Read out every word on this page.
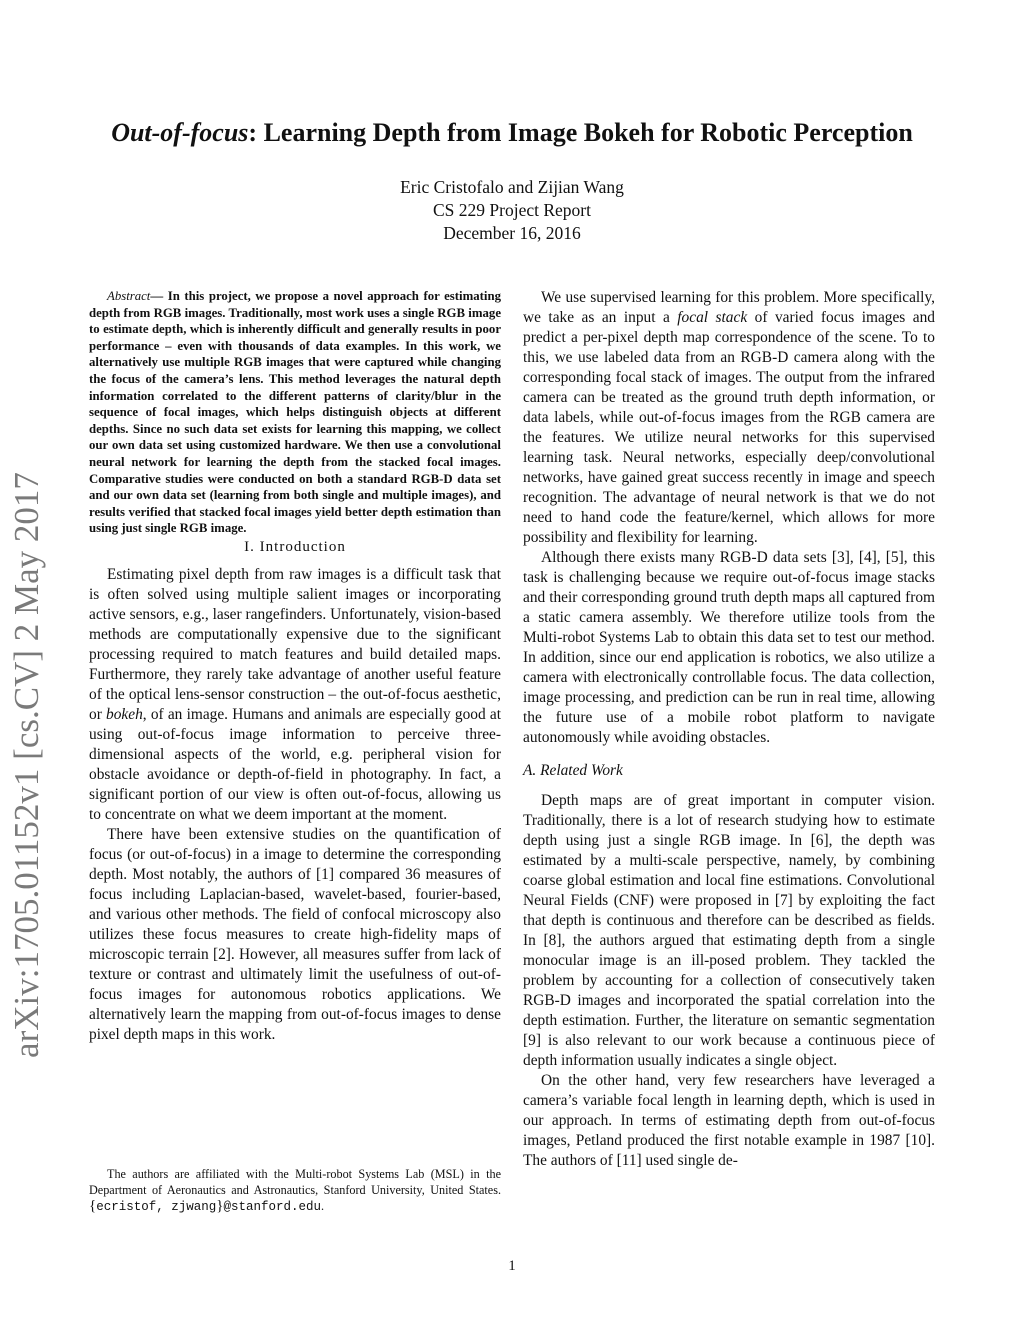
arXiv:1705.01152v1 [cs.CV] 2 May 2017
Out-of-focus: Learning Depth from Image Bokeh for Robotic Perception
Eric Cristofalo and Zijian Wang
CS 229 Project Report
December 16, 2016

Abstract— In this project, we propose a novel approach for estimating depth from RGB images. Traditionally, most work uses a single RGB image to estimate depth, which is inherently difficult and generally results in poor performance – even with thousands of data examples. In this work, we alternatively use multiple RGB images that were captured while changing the focus of the camera’s lens. This method leverages the natural depth information correlated to the different patterns of clarity/blur in the sequence of focal images, which helps distinguish objects at different depths. Since no such data set exists for learning this mapping, we collect our own data set using customized hardware. We then use a convolutional neural network for learning the depth from the stacked focal images. Comparative studies were conducted on both a standard RGB-D data set and our own data set (learning from both single and multiple images), and results verified that stacked focal images yield better depth estimation than using just single RGB image.

I. Introduction

Estimating pixel depth from raw images is a difficult task that is often solved using multiple salient images or incorporating active sensors, e.g., laser rangefinders. Unfortunately, vision-based methods are computationally expensive due to the significant processing required to match features and build detailed maps. Furthermore, they rarely take advantage of another useful feature of the optical lens-sensor construction – the out-of-focus aesthetic, or bokeh, of an image. Humans and animals are especially good at using out-of-focus image information to perceive three-dimensional aspects of the world, e.g. peripheral vision for obstacle avoidance or depth-of-field in photography. In fact, a significant portion of our view is often out-of-focus, allowing us to concentrate on what we deem important at the moment.

There have been extensive studies on the quantification of focus (or out-of-focus) in a image to determine the corresponding depth. Most notably, the authors of [1] compared 36 measures of focus including Laplacian-based, wavelet-based, fourier-based, and various other methods. The field of confocal microscopy also utilizes these focus measures to create high-fidelity maps of microscopic terrain [2]. However, all measures suffer from lack of texture or contrast and ultimately limit the usefulness of out-of-focus images for autonomous robotics applications. We alternatively learn the mapping from out-of-focus images to dense pixel depth maps in this work.

The authors are affiliated with the Multi-robot Systems Lab (MSL) in the Department of Aeronautics and Astronautics, Stanford University, United States. {ecristof, zjwang}@stanford.edu.

We use supervised learning for this problem. More specifically, we take as an input a focal stack of varied focus images and predict a per-pixel depth map correspondence of the scene. To to this, we use labeled data from an RGB-D camera along with the corresponding focal stack of images. The output from the infrared camera can be treated as the ground truth depth information, or data labels, while out-of-focus images from the RGB camera are the features. We utilize neural networks for this supervised learning task. Neural networks, especially deep/convolutional networks, have gained great success recently in image and speech recognition. The advantage of neural network is that we do not need to hand code the feature/kernel, which allows for more possibility and flexibility for learning.

Although there exists many RGB-D data sets [3], [4], [5], this task is challenging because we require out-of-focus image stacks and their corresponding ground truth depth maps all captured from a static camera assembly. We therefore utilize tools from the Multi-robot Systems Lab to obtain this data set to test our method. In addition, since our end application is robotics, we also utilize a camera with electronically controllable focus. The data collection, image processing, and prediction can be run in real time, allowing the future use of a mobile robot platform to navigate autonomously while avoiding obstacles.

A. Related Work

Depth maps are of great important in computer vision. Traditionally, there is a lot of research studying how to estimate depth using just a single RGB image. In [6], the depth was estimated by a multi-scale perspective, namely, by combining coarse global estimation and local fine estimations. Convolutional Neural Fields (CNF) were proposed in [7] by exploiting the fact that depth is continuous and therefore can be described as fields. In [8], the authors argued that estimating depth from a single monocular image is an ill-posed problem. They tackled the problem by accounting for a collection of consecutively taken RGB-D images and incorporated the spatial correlation into the depth estimation. Further, the literature on semantic segmentation [9] is also relevant to our work because a continuous piece of depth information usually indicates a single object.

On the other hand, very few researchers have leveraged a camera’s variable focal length in learning depth, which is used in our approach. In terms of estimating depth from out-of-focus images, Petland produced the first notable example in 1987 [10]. The authors of [11] used single de-

1
